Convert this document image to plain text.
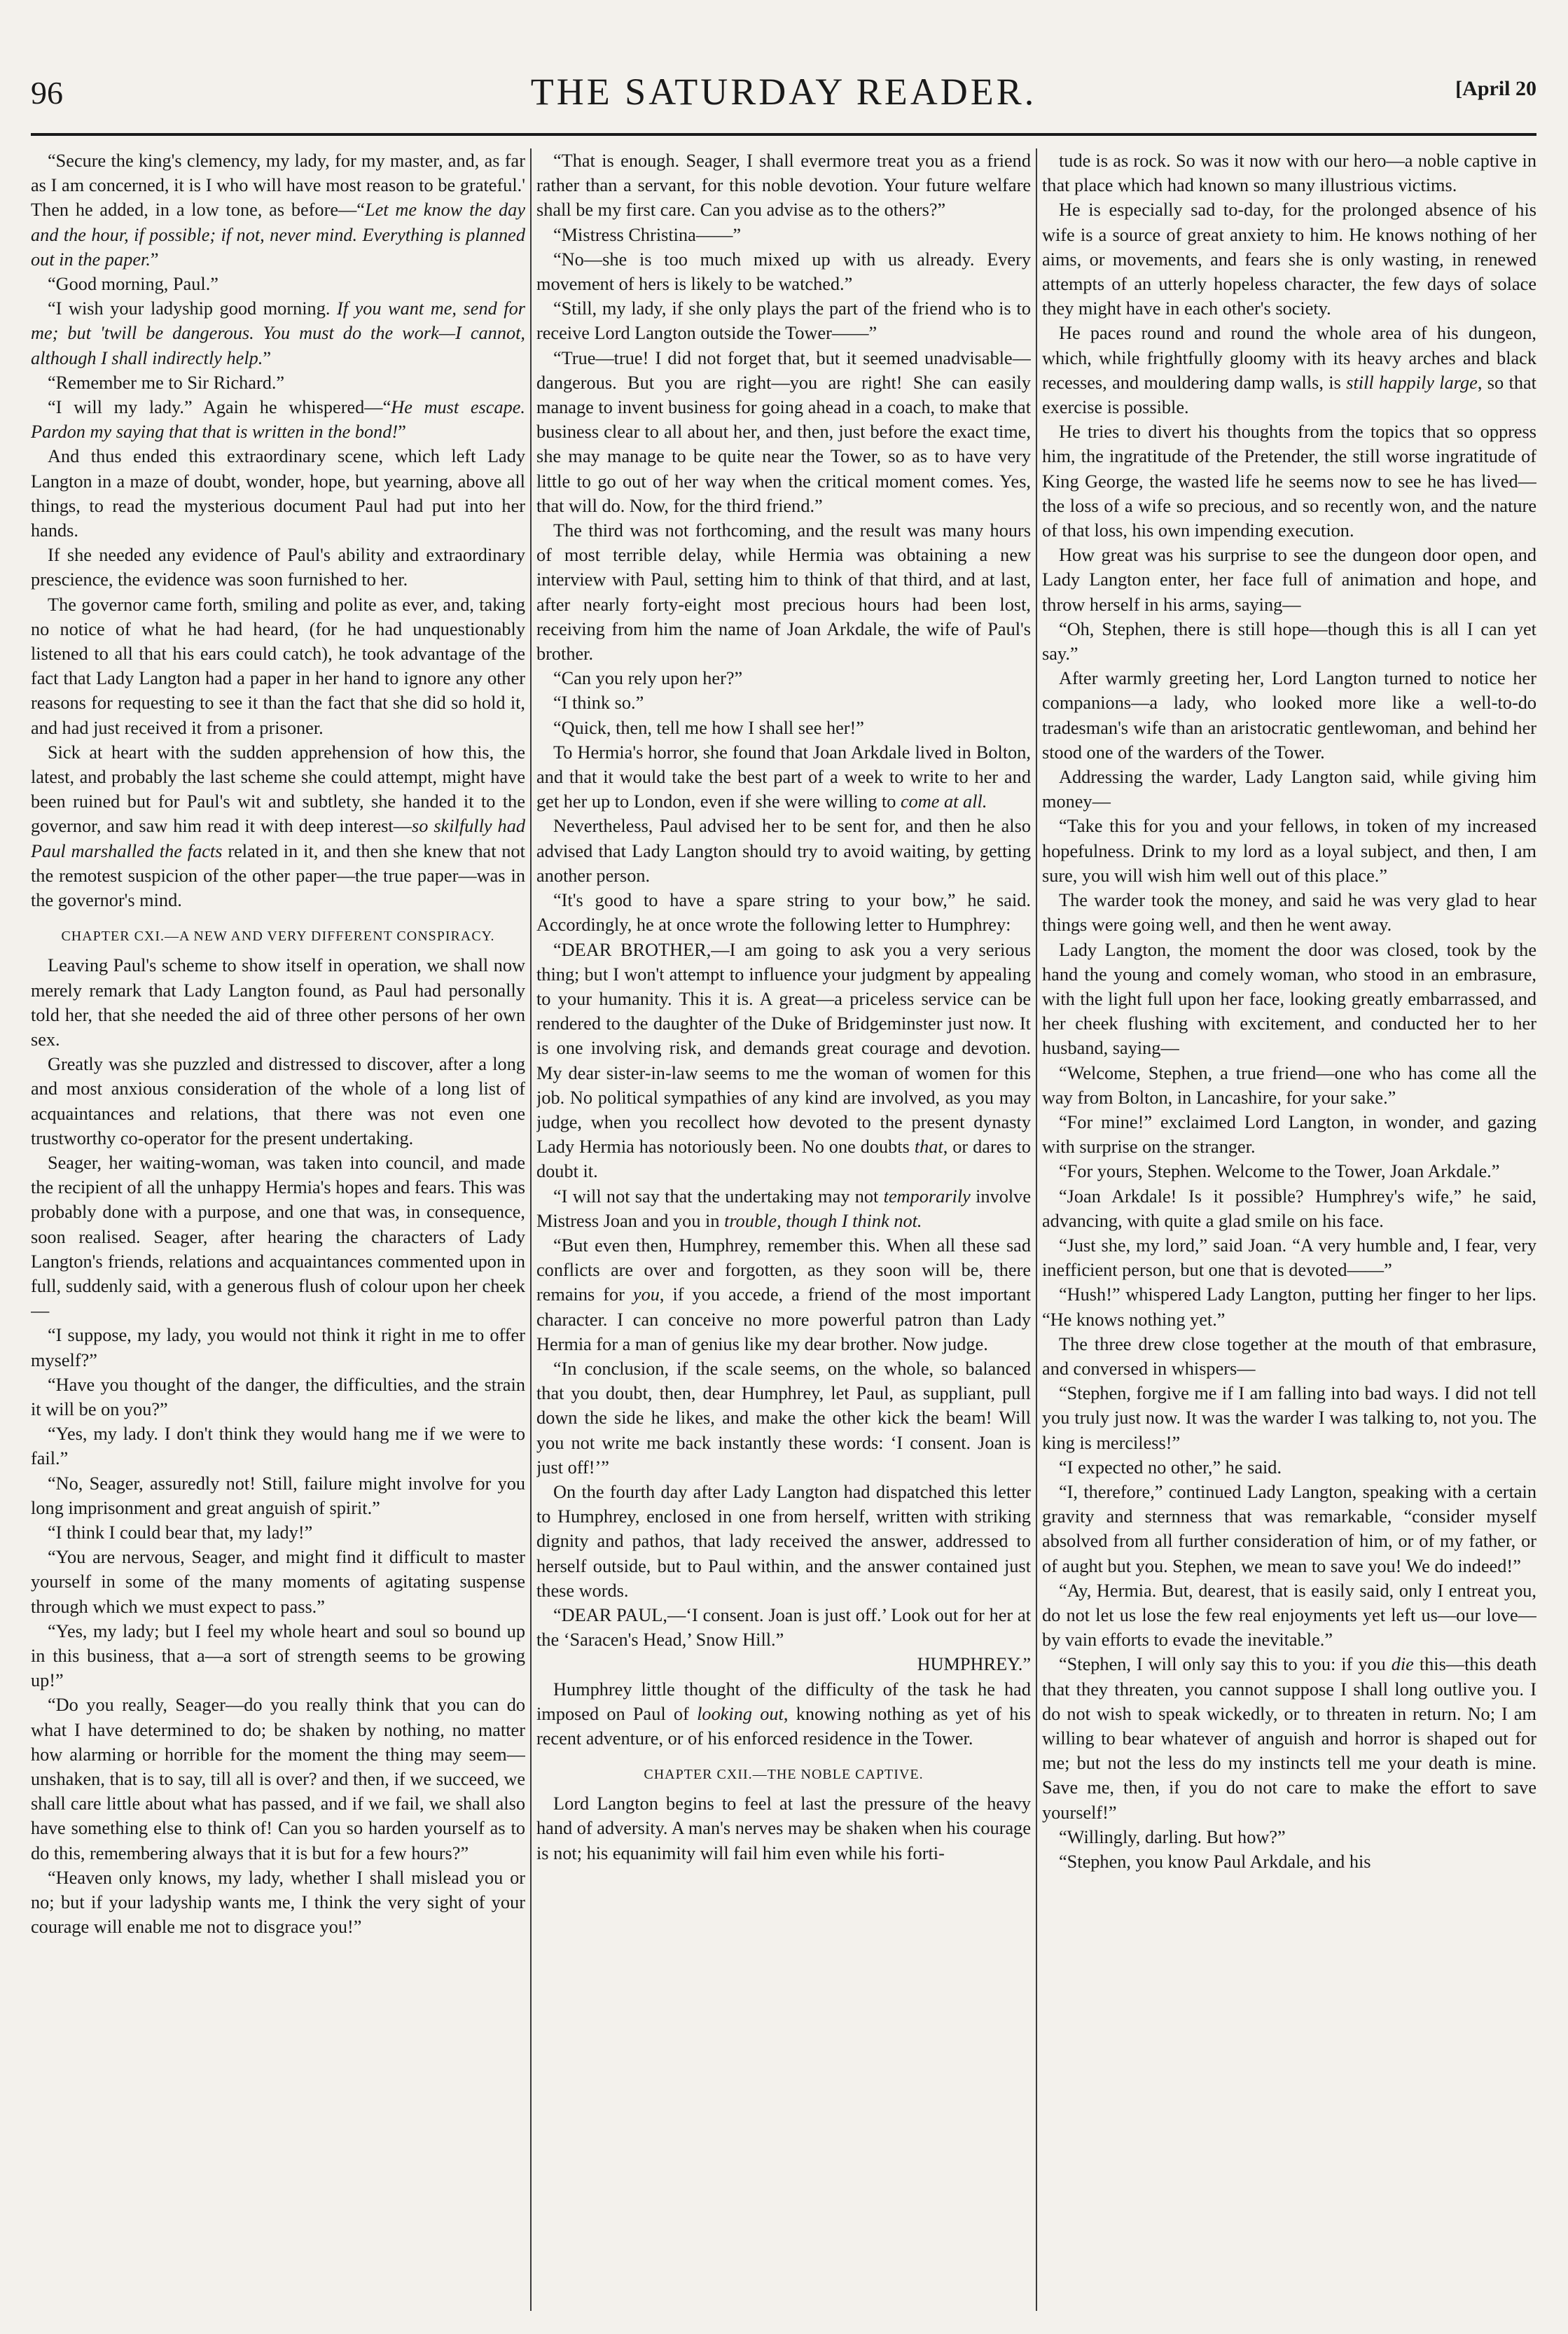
96	THE SATURDAY READER.	[April 20

“Secure the king's clemency, my lady, for my master, and, as far as I am concerned, it is I who will have most reason to be grateful.' Then he added, in a low tone, as before—“Let me know the day and the hour, if possible; if not, never mind. Everything is planned out in the paper.”

“Good morning, Paul.”

“I wish your ladyship good morning. If you want me, send for me; but 'twill be dangerous. You must do the work—I cannot, although I shall indirectly help.”

“Remember me to Sir Richard.”

“I will my lady.” Again he whispered—“He must escape. Pardon my saying that that is written in the bond!”

And thus ended this extraordinary scene, which left Lady Langton in a maze of doubt, wonder, hope, but yearning, above all things, to read the mysterious document Paul had put into her hands.

If she needed any evidence of Paul's ability and extraordinary prescience, the evidence was soon furnished to her.

The governor came forth, smiling and polite as ever, and, taking no notice of what he had heard, (for he had unquestionably listened to all that his ears could catch), he took advantage of the fact that Lady Langton had a paper in her hand to ignore any other reasons for requesting to see it than the fact that she did so hold it, and had just received it from a prisoner.

Sick at heart with the sudden apprehension of how this, the latest, and probably the last scheme she could attempt, might have been ruined but for Paul's wit and subtlety, she handed it to the governor, and saw him read it with deep interest—so skilfully had Paul marshalled the facts related in it, and then she knew that not the remotest suspicion of the other paper—the true paper—was in the governor's mind.

CHAPTER CXI.—A NEW AND VERY DIFFERENT CONSPIRACY.

Leaving Paul's scheme to show itself in operation, we shall now merely remark that Lady Langton found, as Paul had personally told her, that she needed the aid of three other persons of her own sex.

Greatly was she puzzled and distressed to discover, after a long and most anxious consideration of the whole of a long list of acquaintances and relations, that there was not even one trustworthy co-operator for the present undertaking.

Seager, her waiting-woman, was taken into council, and made the recipient of all the unhappy Hermia's hopes and fears. This was probably done with a purpose, and one that was, in consequence, soon realised. Seager, after hearing the characters of Lady Langton's friends, relations and acquaintances commented upon in full, suddenly said, with a generous flush of colour upon her cheek—

“I suppose, my lady, you would not think it right in me to offer myself?”

“Have you thought of the danger, the difficulties, and the strain it will be on you?”

“Yes, my lady. I don't think they would hang me if we were to fail.”

“No, Seager, assuredly not! Still, failure might involve for you long imprisonment and great anguish of spirit.”

“I think I could bear that, my lady!”

“You are nervous, Seager, and might find it difficult to master yourself in some of the many moments of agitating suspense through which we must expect to pass.”

“Yes, my lady; but I feel my whole heart and soul so bound up in this business, that a—a sort of strength seems to be growing up!”

“Do you really, Seager—do you really think that you can do what I have determined to do; be shaken by nothing, no matter how alarming or horrible for the moment the thing may seem—unshaken, that is to say, till all is over? and then, if we succeed, we shall care little about what has passed, and if we fail, we shall also have something else to think of! Can you so harden yourself as to do this, remembering always that it is but for a few hours?”

“Heaven only knows, my lady, whether I shall mislead you or no; but if your ladyship wants me, I think the very sight of your courage will enable me not to disgrace you!”

“That is enough. Seager, I shall evermore treat you as a friend rather than a servant, for this noble devotion. Your future welfare shall be my first care. Can you advise as to the others?”

“Mistress Christina——”

“No—she is too much mixed up with us already. Every movement of hers is likely to be watched.”

“Still, my lady, if she only plays the part of the friend who is to receive Lord Langton outside the Tower——”

“True—true! I did not forget that, but it seemed unadvisable—dangerous. But you are right—you are right! She can easily manage to invent business for going ahead in a coach, to make that business clear to all about her, and then, just before the exact time, she may manage to be quite near the Tower, so as to have very little to go out of her way when the critical moment comes. Yes, that will do. Now, for the third friend.”

The third was not forthcoming, and the result was many hours of most terrible delay, while Hermia was obtaining a new interview with Paul, setting him to think of that third, and at last, after nearly forty-eight most precious hours had been lost, receiving from him the name of Joan Arkdale, the wife of Paul's brother.

“Can you rely upon her?”

“I think so.”

“Quick, then, tell me how I shall see her!”

To Hermia's horror, she found that Joan Arkdale lived in Bolton, and that it would take the best part of a week to write to her and get her up to London, even if she were willing to come at all.

Nevertheless, Paul advised her to be sent for, and then he also advised that Lady Langton should try to avoid waiting, by getting another person.

“It's good to have a spare string to your bow,” he said. Accordingly, he at once wrote the following letter to Humphrey:

“DEAR BROTHER,—I am going to ask you a very serious thing; but I won't attempt to influence your judgment by appealing to your humanity. This it is. A great—a priceless service can be rendered to the daughter of the Duke of Bridgeminster just now. It is one involving risk, and demands great courage and devotion. My dear sister-in-law seems to me the woman of women for this job. No political sympathies of any kind are involved, as you may judge, when you recollect how devoted to the present dynasty Lady Hermia has notoriously been. No one doubts that, or dares to doubt it.

“I will not say that the undertaking may not temporarily involve Mistress Joan and you in trouble, though I think not.

“But even then, Humphrey, remember this. When all these sad conflicts are over and forgotten, as they soon will be, there remains for you, if you accede, a friend of the most important character. I can conceive no more powerful patron than Lady Hermia for a man of genius like my dear brother. Now judge.

“In conclusion, if the scale seems, on the whole, so balanced that you doubt, then, dear Humphrey, let Paul, as suppliant, pull down the side he likes, and make the other kick the beam! Will you not write me back instantly these words: ‘I consent. Joan is just off!’”

On the fourth day after Lady Langton had dispatched this letter to Humphrey, enclosed in one from herself, written with striking dignity and pathos, that lady received the answer, addressed to herself outside, but to Paul within, and the answer contained just these words.

“DEAR PAUL,—‘I consent. Joan is just off.’ Look out for her at the ‘Saracen's Head,’ Snow Hill.”

HUMPHREY.”

Humphrey little thought of the difficulty of the task he had imposed on Paul of looking out, knowing nothing as yet of his recent adventure, or of his enforced residence in the Tower.

CHAPTER CXII.—THE NOBLE CAPTIVE.

Lord Langton begins to feel at last the pressure of the heavy hand of adversity. A man's nerves may be shaken when his courage is not; his equanimity will fail him even while his forti-

tude is as rock. So was it now with our hero—a noble captive in that place which had known so many illustrious victims.

He is especially sad to-day, for the prolonged absence of his wife is a source of great anxiety to him. He knows nothing of her aims, or movements, and fears she is only wasting, in renewed attempts of an utterly hopeless character, the few days of solace they might have in each other's society.

He paces round and round the whole area of his dungeon, which, while frightfully gloomy with its heavy arches and black recesses, and mouldering damp walls, is still happily large, so that exercise is possible.

He tries to divert his thoughts from the topics that so oppress him, the ingratitude of the Pretender, the still worse ingratitude of King George, the wasted life he seems now to see he has lived—the loss of a wife so precious, and so recently won, and the nature of that loss, his own impending execution.

How great was his surprise to see the dungeon door open, and Lady Langton enter, her face full of animation and hope, and throw herself in his arms, saying—

“Oh, Stephen, there is still hope—though this is all I can yet say.”

After warmly greeting her, Lord Langton turned to notice her companions—a lady, who looked more like a well-to-do tradesman's wife than an aristocratic gentlewoman, and behind her stood one of the warders of the Tower.

Addressing the warder, Lady Langton said, while giving him money—

“Take this for you and your fellows, in token of my increased hopefulness. Drink to my lord as a loyal subject, and then, I am sure, you will wish him well out of this place.”

The warder took the money, and said he was very glad to hear things were going well, and then he went away.

Lady Langton, the moment the door was closed, took by the hand the young and comely woman, who stood in an embrasure, with the light full upon her face, looking greatly embarrassed, and her cheek flushing with excitement, and conducted her to her husband, saying—

“Welcome, Stephen, a true friend—one who has come all the way from Bolton, in Lancashire, for your sake.”

“For mine!” exclaimed Lord Langton, in wonder, and gazing with surprise on the stranger.

“For yours, Stephen. Welcome to the Tower, Joan Arkdale.”

“Joan Arkdale! Is it possible? Humphrey's wife,” he said, advancing, with quite a glad smile on his face.

“Just she, my lord,” said Joan. “A very humble and, I fear, very inefficient person, but one that is devoted——”

“Hush!” whispered Lady Langton, putting her finger to her lips. “He knows nothing yet.”

The three drew close together at the mouth of that embrasure, and conversed in whispers—

“Stephen, forgive me if I am falling into bad ways. I did not tell you truly just now. It was the warder I was talking to, not you. The king is merciless!”

“I expected no other,” he said.

“I, therefore,” continued Lady Langton, speaking with a certain gravity and sternness that was remarkable, “consider myself absolved from all further consideration of him, or of my father, or of aught but you. Stephen, we mean to save you! We do indeed!”

“Ay, Hermia. But, dearest, that is easily said, only I entreat you, do not let us lose the few real enjoyments yet left us—our love—by vain efforts to evade the inevitable.”

“Stephen, I will only say this to you: if you die this—this death that they threaten, you cannot suppose I shall long outlive you. I do not wish to speak wickedly, or to threaten in return. No; I am willing to bear whatever of anguish and horror is shaped out for me; but not the less do my instincts tell me your death is mine. Save me, then, if you do not care to make the effort to save yourself!”

“Willingly, darling. But how?”

“Stephen, you know Paul Arkdale, and his
